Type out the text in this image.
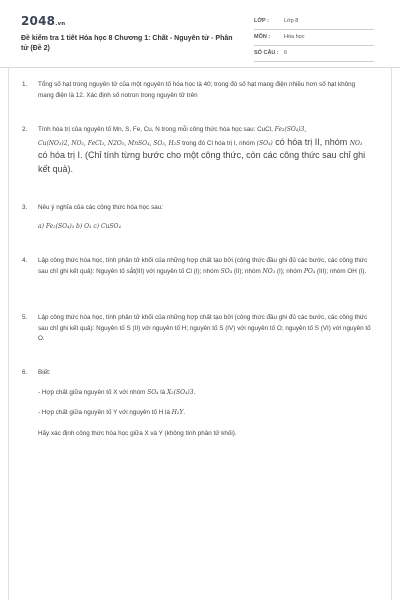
2048.vn
Đề kiểm tra 1 tiết Hóa học 8 Chương 1: Chất - Nguyên tử - Phân tử (Đề 2)
LỚP :	Lớp 8
MÔN :	Hóa học
SỐ CÂU : 6
1. Tổng số hạt trong nguyên tử của một nguyên tố hóa học là 40; trong đó số hạt mang điện nhiều hơn số hạt không mang điện là 12. Xác định số notron trong nguyên tử trên
2. Tính hóa trị của nguyên tố Mn, S, Fe, Cu, N trong mỗi công thức hóa học sau: CuCl, Fe₂(SO₄)3,
Cu(NO₃)2, NO₂, FeCl₃, N2O₅, MnSO₄, SO₃, H₂S trong đó Cl hóa trị I, nhóm (SO₄) có hóa trị II, nhóm NO₃ có hóa trị I. (Chỉ tính từng bước cho một công thức, còn các công thức sau chỉ ghi kết quả).
3. Nêu ý nghĩa của các công thức hóa học sau:
a) Fe₂(SO₄)₃ b) O₃ c) CuSO₄
4. Lập công thức hóa học, tính phân tử khối của những hợp chất tạo bởi (công thức đầu ghi đủ các bước, các công thức sau chỉ ghi kết quả): Nguyên tố sắt(III) với nguyên tố Cl (I); nhóm SO₄ (II); nhóm NO₃ (I); nhóm PO₄ (III); nhóm OH (I).
5. Lập công thức hóa học, tính phân tử khối của những hợp chất tạo bởi (công thức đầu ghi đủ các bước, các công thức sau chỉ ghi kết quả): Nguyên tố S (II) với nguyên tố H; nguyên tố S (IV) với nguyên tố O; nguyên tố S (VI) với nguyên tố O.
6. Biết:
- Hợp chất giữa nguyên tố X với nhóm SO₄ là X₂(SO₄)3.
- Hợp chất giữa nguyên tố Y với nguyên tố H là H₂Y.
Hãy xác định công thức hóa học giữa X và Y (không tính phân tử khối).
